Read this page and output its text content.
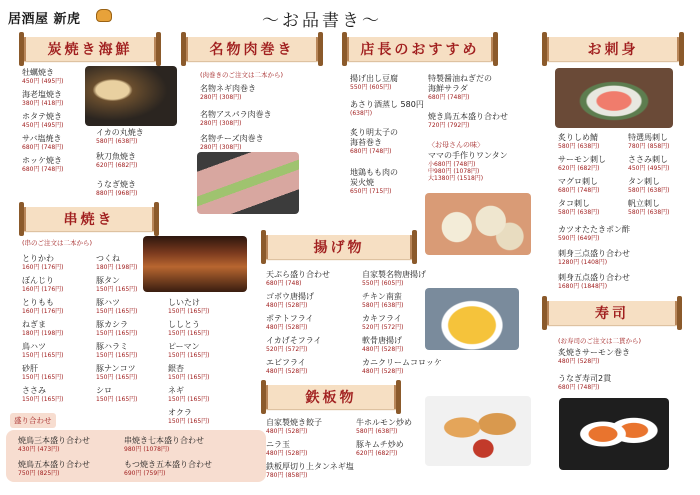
居酒屋 新虎	〜お品書き〜
炭焼き海鮮	名物肉巻き	店長のおすすめ	お刺身
串焼き
揚げ物
寿司
鉄板物
牡蠣焼き
450円 (495円)
海老塩焼き
380円 (418円)
ホタテ焼き
450円 (495円)
サバ塩焼き
680円 (748円)
ホッケ焼き
680円 (748円)
イカの丸焼き
580円 (638円)
秋刀魚焼き
620円 (682円)
うなぎ焼き
880円 (968円)
(肉巻きのご注文は二本から)
名物ネギ肉巻き
280円 (308円)
名物アスパラ肉巻き
280円 (308円)
名物チーズ肉巻き
280円 (308円)
揚げ出し豆腐
550円 (605円)
あさり酒蒸し 580円
(638円)
炙り明太子の
海苔巻き
680円 (748円)
地鶏もも肉の
炭火焼
650円 (715円)
特製醤油ねぎだの
海鮮サラダ
680円 (748円)
焼き鳥五本盛り合わせ
720円 (792円)
〈お母さんの味〉
ママの手作りワンタン
小680円 (748円)
中980円 (1078円)
大1380円 (1518円)
炙りしめ鯖
580円 (638円)
特選馬刺し
780円 (858円)
サーモン刺し
620円 (682円)
ささみ刺し
450円 (495円)
マグロ刺し
680円 (748円)
タン刺し
580円 (638円)
タコ刺し
580円 (638円)
帆立刺し
580円 (638円)
カツオたたきポン酢
590円 (649円)
刺身三点盛り合わせ
1280円 (1408円)
刺身五点盛り合わせ
1680円 (1848円)
(串のご注文は二本から)
とりかわ
160円 (176円)
ぼんじり
160円 (176円)
とりもも
160円 (176円)
ねぎま
180円 (198円)
鳥ハツ
150円 (165円)
砂肝
150円 (165円)
ささみ
150円 (165円)
つくね
180円 (198円)
豚タン
150円 (165円)
豚ハツ
150円 (165円)
豚カシラ
150円 (165円)
豚ハラミ
150円 (165円)
豚ナンコツ
150円 (165円)
シロ
150円 (165円)
しいたけ
150円 (165円)
ししとう
150円 (165円)
ピーマン
150円 (165円)
銀杏
150円 (165円)
ネギ
150円 (165円)
オクラ
150円 (165円)
盛り合わせ
焼鳥三本盛り合わせ
430円 (473円)
串焼き七本盛り合わせ
980円 (1078円)
焼鳥五本盛り合わせ
750円 (825円)
もつ焼き五本盛り合わせ
690円 (759円)
天ぷら盛り合わせ
680円 (748)
ゴボウ唐揚げ
480円 (528円)
ポテトフライ
480円 (528円)
イカげそフライ
520円 (572円)
エビフライ
480円 (528円)
自家製名物唐揚げ
550円 (605円)
チキン南蛮
580円 (638円)
カキフライ
520円 (572円)
軟骨唐揚げ
480円 (528円)
カニクリームコロッケ
480円 (528円)
自家製焼き餃子
480円 (528円)
ニラ玉
480円 (528円)
鉄板厚切り上タンネギ塩
780円 (858円)
牛ホルモン炒め
580円 (638円)
豚キムチ炒め
620円 (682円)
(お寿司のご注文は二貫から)
炙焼きサーモン巻き
480円 (528円)
うなぎ寿司2貫
680円 (748円)
